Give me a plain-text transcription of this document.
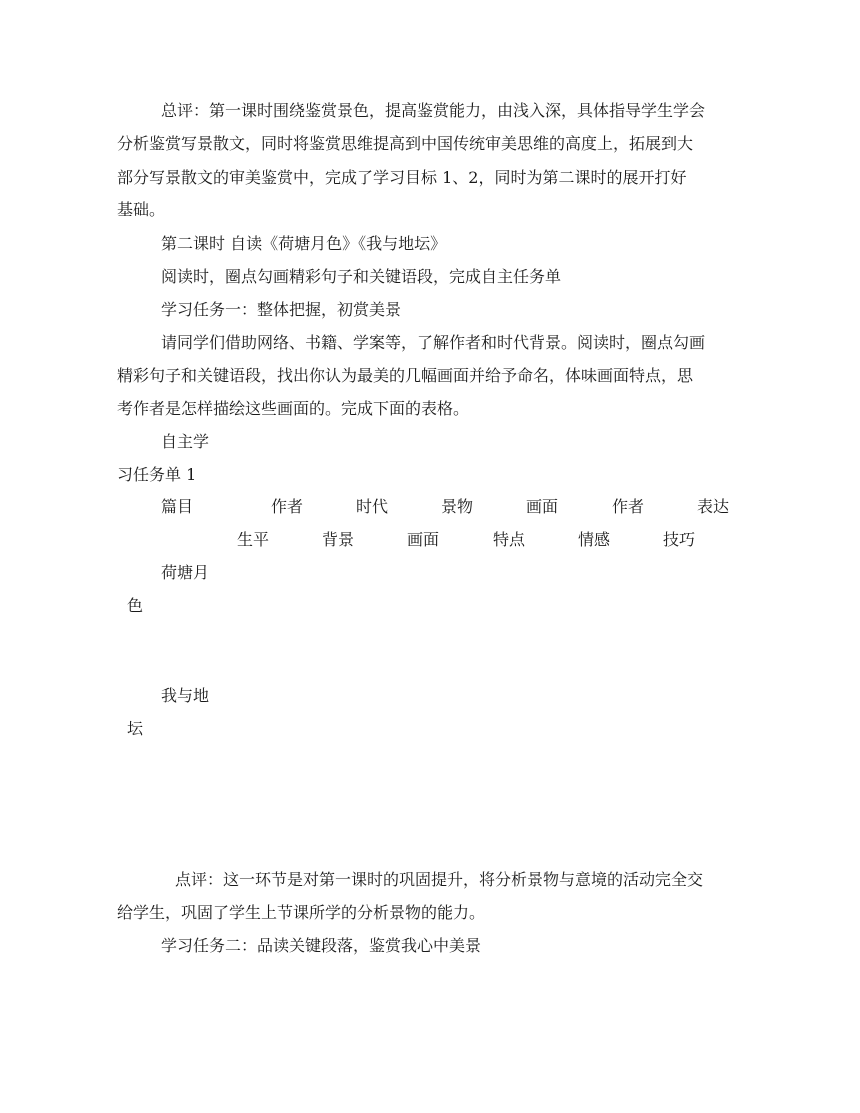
总评：第一课时围绕鉴赏景色，提高鉴赏能力，由浅入深，具体指导学生学会
分析鉴赏写景散文，同时将鉴赏思维提高到中国传统审美思维的高度上，拓展到大
部分写景散文的审美鉴赏中，完成了学习目标 1、2，同时为第二课时的展开打好
基础。
第二课时 自读《荷塘月色》《我与地坛》
阅读时，圈点勾画精彩句子和关键语段，完成自主任务单
学习任务一：整体把握，初赏美景
请同学们借助网络、书籍、学案等，了解作者和时代背景。阅读时，圈点勾画
精彩句子和关键语段，找出你认为最美的几幅画面并给予命名，体味画面特点，思
考作者是怎样描绘这些画面的。完成下面的表格。
自主学
习任务单 1
篇目	作者	时代	景物	画面	作者	表达
生平	背景	画面	特点	情感	技巧
荷塘月
色
我与地
坛
点评：这一环节是对第一课时的巩固提升，将分析景物与意境的活动完全交
给学生，巩固了学生上节课所学的分析景物的能力。
学习任务二：品读关键段落，鉴赏我心中美景
